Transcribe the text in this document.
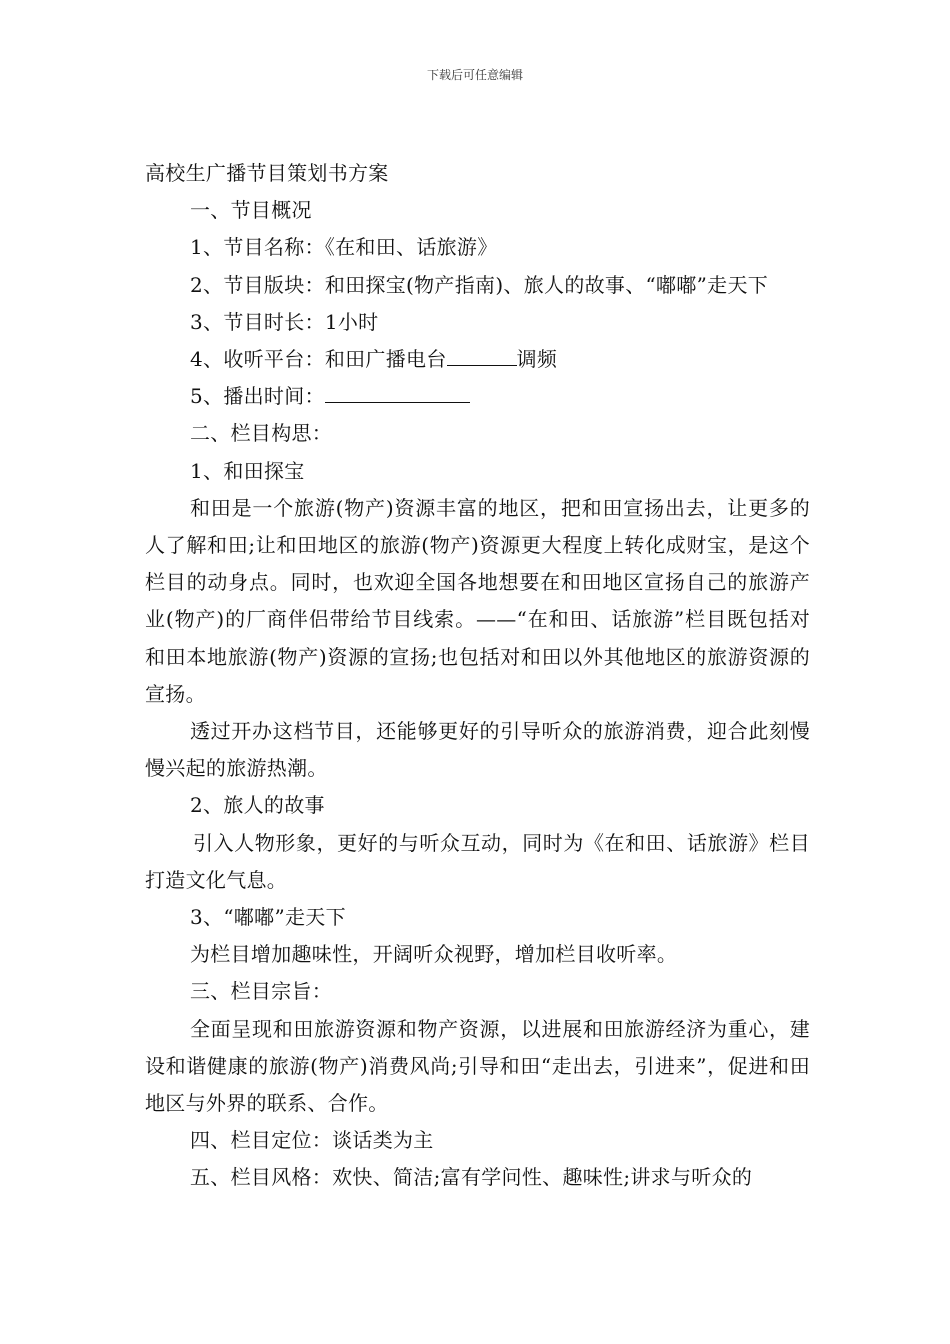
下载后可任意编辑

高校生广播节目策划书方案

一、节目概况

1、节目名称：《在和田、话旅游》

2、节目版块：和田探宝(物产指南)、旅人的故事、“嘟嘟”走天下

3、节目时长：1小时

4、收听平台：和田广播电台	调频

5、播出时间：

二、栏目构思：

1、和田探宝

和田是一个旅游(物产)资源丰富的地区，把和田宣扬出去，让更多的人了解和田;让和田地区的旅游(物产)资源更大程度上转化成财宝，是这个栏目的动身点。同时，也欢迎全国各地想要在和田地区宣扬自己的旅游产业(物产)的厂商伴侣带给节目线索。——“在和田、话旅游”栏目既包括对和田本地旅游(物产)资源的宣扬;也包括对和田以外其他地区的旅游资源的宣扬。

透过开办这档节目，还能够更好的引导听众的旅游消费，迎合此刻慢慢兴起的旅游热潮。

2、旅人的故事

引入人物形象，更好的与听众互动，同时为《在和田、话旅游》栏目打造文化气息。

3、“嘟嘟”走天下

为栏目增加趣味性，开阔听众视野，增加栏目收听率。

三、栏目宗旨：

全面呈现和田旅游资源和物产资源，以进展和田旅游经济为重心，建设和谐健康的旅游(物产)消费风尚;引导和田“走出去，引进来”，促进和田地区与外界的联系、合作。

四、栏目定位：谈话类为主

五、栏目风格：欢快、简洁;富有学问性、趣味性;讲求与听众的
